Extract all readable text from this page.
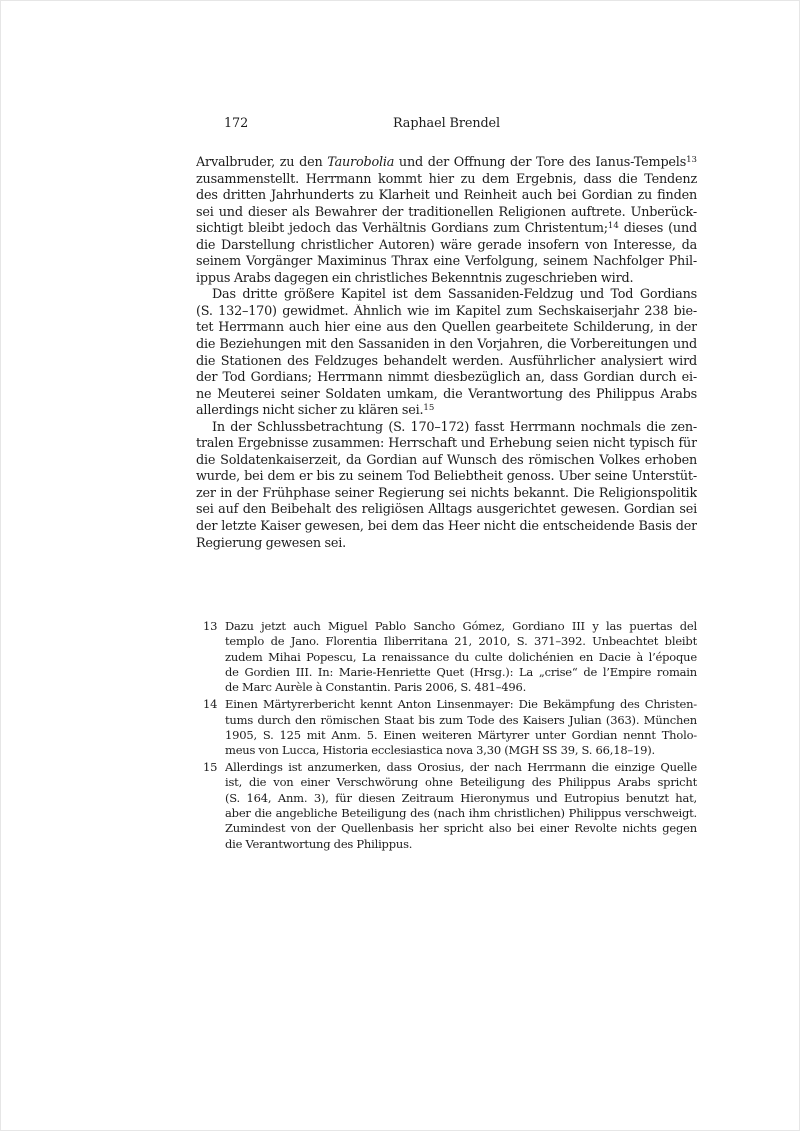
172	Raphael Brendel
Arvalbruder, zu den Taurobolia und der Öffnung der Tore des Ianus-Tempels$^{13}$
zusammenstellt. Herrmann kommt hier zu dem Ergebnis, dass die Tendenz
des dritten Jahrhunderts zu Klarheit und Reinheit auch bei Gordian zu finden
sei und dieser als Bewahrer der traditionellen Religionen auftrete. Unberück-
sichtigt bleibt jedoch das Verhältnis Gordians zum Christentum;$^{14}$ dieses (und
die Darstellung christlicher Autoren) wäre gerade insofern von Interesse, da
seinem Vorgänger Maximinus Thrax eine Verfolgung, seinem Nachfolger Phil-
ippus Arabs dagegen ein christliches Bekenntnis zugeschrieben wird.
Das dritte größere Kapitel ist dem Sassaniden-Feldzug und Tod Gordians
(S. 132–170) gewidmet. Ähnlich wie im Kapitel zum Sechskaiserjahr 238 bie-
tet Herrmann auch hier eine aus den Quellen gearbeitete Schilderung, in der
die Beziehungen mit den Sassaniden in den Vorjahren, die Vorbereitungen und
die Stationen des Feldzuges behandelt werden. Ausführlicher analysiert wird
der Tod Gordians; Herrmann nimmt diesbezüglich an, dass Gordian durch ei-
ne Meuterei seiner Soldaten umkam, die Verantwortung des Philippus Arabs
allerdings nicht sicher zu klären sei.$^{15}$
In der Schlussbetrachtung (S. 170–172) fasst Herrmann nochmals die zen-
tralen Ergebnisse zusammen: Herrschaft und Erhebung seien nicht typisch für
die Soldatenkaiserzeit, da Gordian auf Wunsch des römischen Volkes erhoben
wurde, bei dem er bis zu seinem Tod Beliebtheit genoss. Über seine Unterstüt-
zer in der Frühphase seiner Regierung sei nichts bekannt. Die Religionspolitik
sei auf den Beibehalt des religiösen Alltags ausgerichtet gewesen. Gordian sei
der letzte Kaiser gewesen, bei dem das Heer nicht die entscheidende Basis der
Regierung gewesen sei.
13 Dazu jetzt auch Miguel Pablo Sancho Gómez, Gordiano III y las puertas del
templo de Jano. Florentia Iliberritana 21, 2010, S. 371–392. Unbeachtet bleibt
zudem Mihai Popescu, La renaissance du culte dolichénien en Dacie à l’époque
de Gordien III. In: Marie-Henriette Quet (Hrsg.): La „crise“ de l’Empire romain
de Marc Aurèle à Constantin. Paris 2006, S. 481–496.
14 Einen Märtyrerbericht kennt Anton Linsenmayer: Die Bekämpfung des Christen-
tums durch den römischen Staat bis zum Tode des Kaisers Julian (363). München
1905, S. 125 mit Anm. 5. Einen weiteren Märtyrer unter Gordian nennt Tholo-
meus von Lucca, Historia ecclesiastica nova 3,30 (MGH SS 39, S. 66,18–19).
15 Allerdings ist anzumerken, dass Orosius, der nach Herrmann die einzige Quelle
ist, die von einer Verschwörung ohne Beteiligung des Philippus Arabs spricht
(S. 164, Anm. 3), für diesen Zeitraum Hieronymus und Eutropius benutzt hat,
aber die angebliche Beteiligung des (nach ihm christlichen) Philippus verschweigt.
Zumindest von der Quellenbasis her spricht also bei einer Revolte nichts gegen
die Verantwortung des Philippus.
